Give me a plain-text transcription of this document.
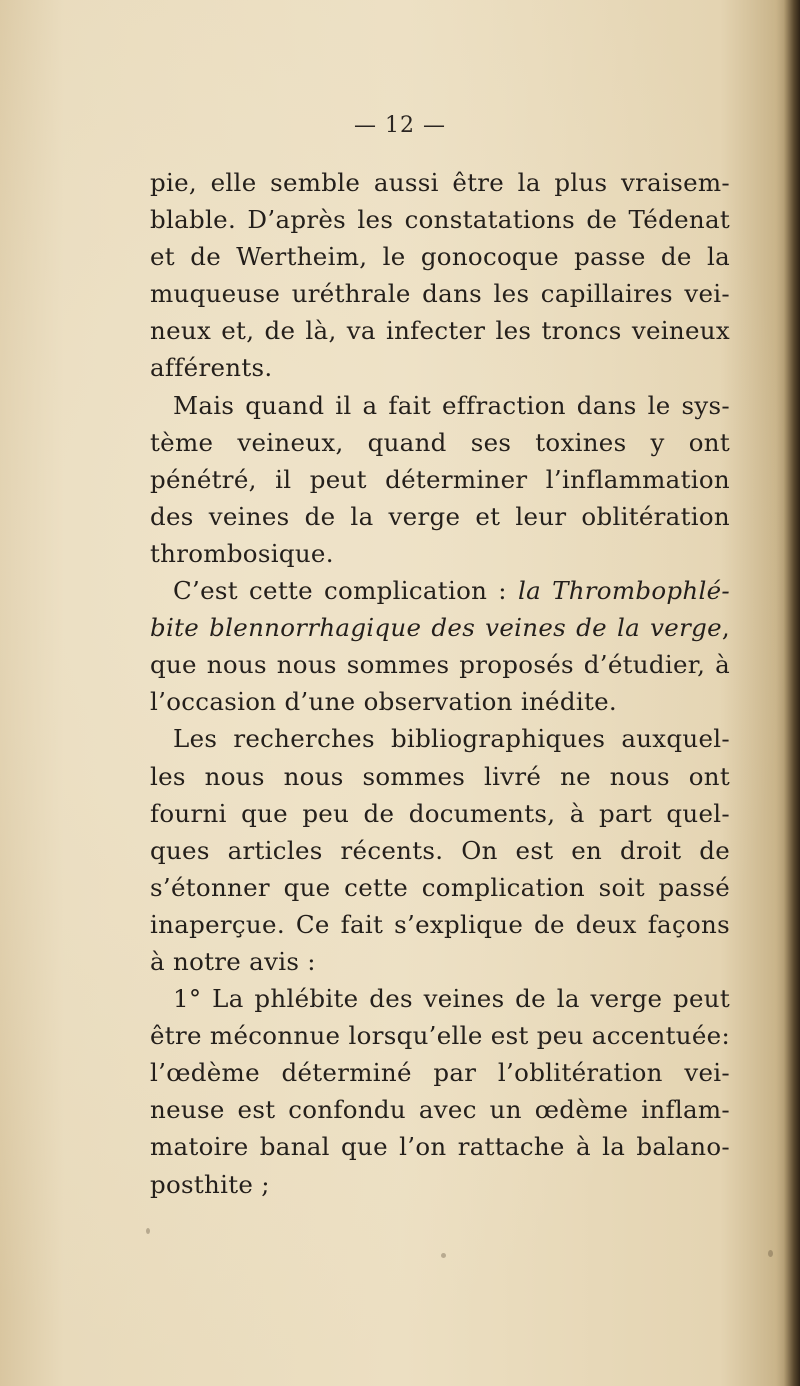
— 12 —
pie, elle semble aussi être la plus vraisem-
blable. D’après les constatations de Tédenat
et de Wertheim, le gonocoque passe de la
muqueuse uréthrale dans les capillaires vei-
neux et, de là, va infecter les troncs veineux
afférents.
Mais quand il a fait effraction dans le sys-
tème veineux, quand ses toxines y ont
pénétré, il peut déterminer l’inflammation
des veines de la verge et leur oblitération
thrombosique.
C’est cette complication : la Thrombophlé-
bite blennorrhagique des veines de la verge,
que nous nous sommes proposés d’étudier, à
l’occasion d’une observation inédite.
Les recherches bibliographiques auxquel-
les nous nous sommes livré ne nous ont
fourni que peu de documents, à part quel-
ques articles récents. On est en droit de
s’étonner que cette complication soit passé
inaperçue. Ce fait s’explique de deux façons
à notre avis :
1° La phlébite des veines de la verge peut
être méconnue lorsqu’elle est peu accentuée:
l’œdème déterminé par l’oblitération vei-
neuse est confondu avec un œdème inflam-
matoire banal que l’on rattache à la balano-
posthite ;
